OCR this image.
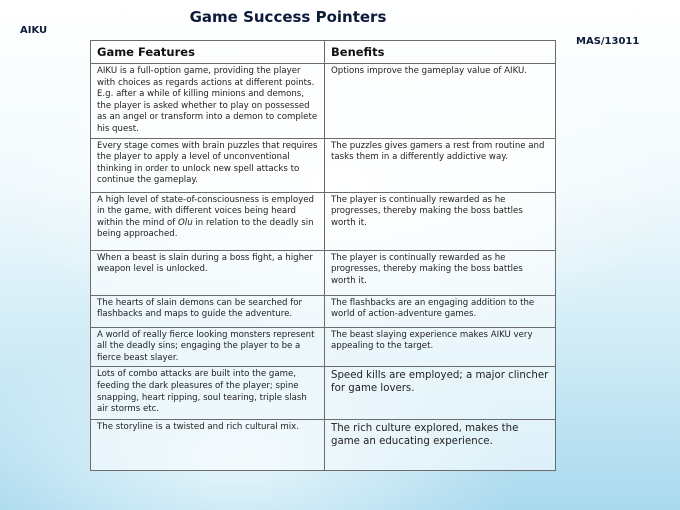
Game Success Pointers
AIKU
MAS/13011
Game Features	Benefits
AIKU is a full-option game, providing the player with choices as regards actions at different points. E.g. after a while of killing minions and demons, the player is asked whether to play on possessed as an angel or transform into a demon to complete his quest.	Options improve the gameplay value of AIKU.
Every stage comes with brain puzzles that requires the player to apply a level of unconventional thinking in order to unlock new spell attacks to continue the gameplay.	The puzzles gives gamers a rest from routine and tasks them in a differently addictive way.
A high level of state-of-consciousness is employed in the game, with different voices being heard within the mind of Olu in relation to the deadly sin being approached.	The player is continually rewarded as he progresses, thereby making the boss battles worth it.
When a beast is slain during a boss fight, a higher weapon level is unlocked.	The player is continually rewarded as he progresses, thereby making the boss battles worth it.
The hearts of slain demons can be searched for flashbacks and maps to guide the adventure.	The flashbacks are an engaging addition to the world of action-adventure games.
A world of really fierce looking monsters represent all the deadly sins; engaging the player to be a fierce beast slayer.	The beast slaying experience makes AIKU very appealing to the target.
Lots of combo attacks are built into the game, feeding the dark pleasures of the player; spine snapping, heart ripping, soul tearing, triple slash air storms etc.	Speed kills are employed; a major clincher for game lovers.
The storyline is a twisted and rich cultural mix.	The rich culture explored, makes the game an educating experience.
